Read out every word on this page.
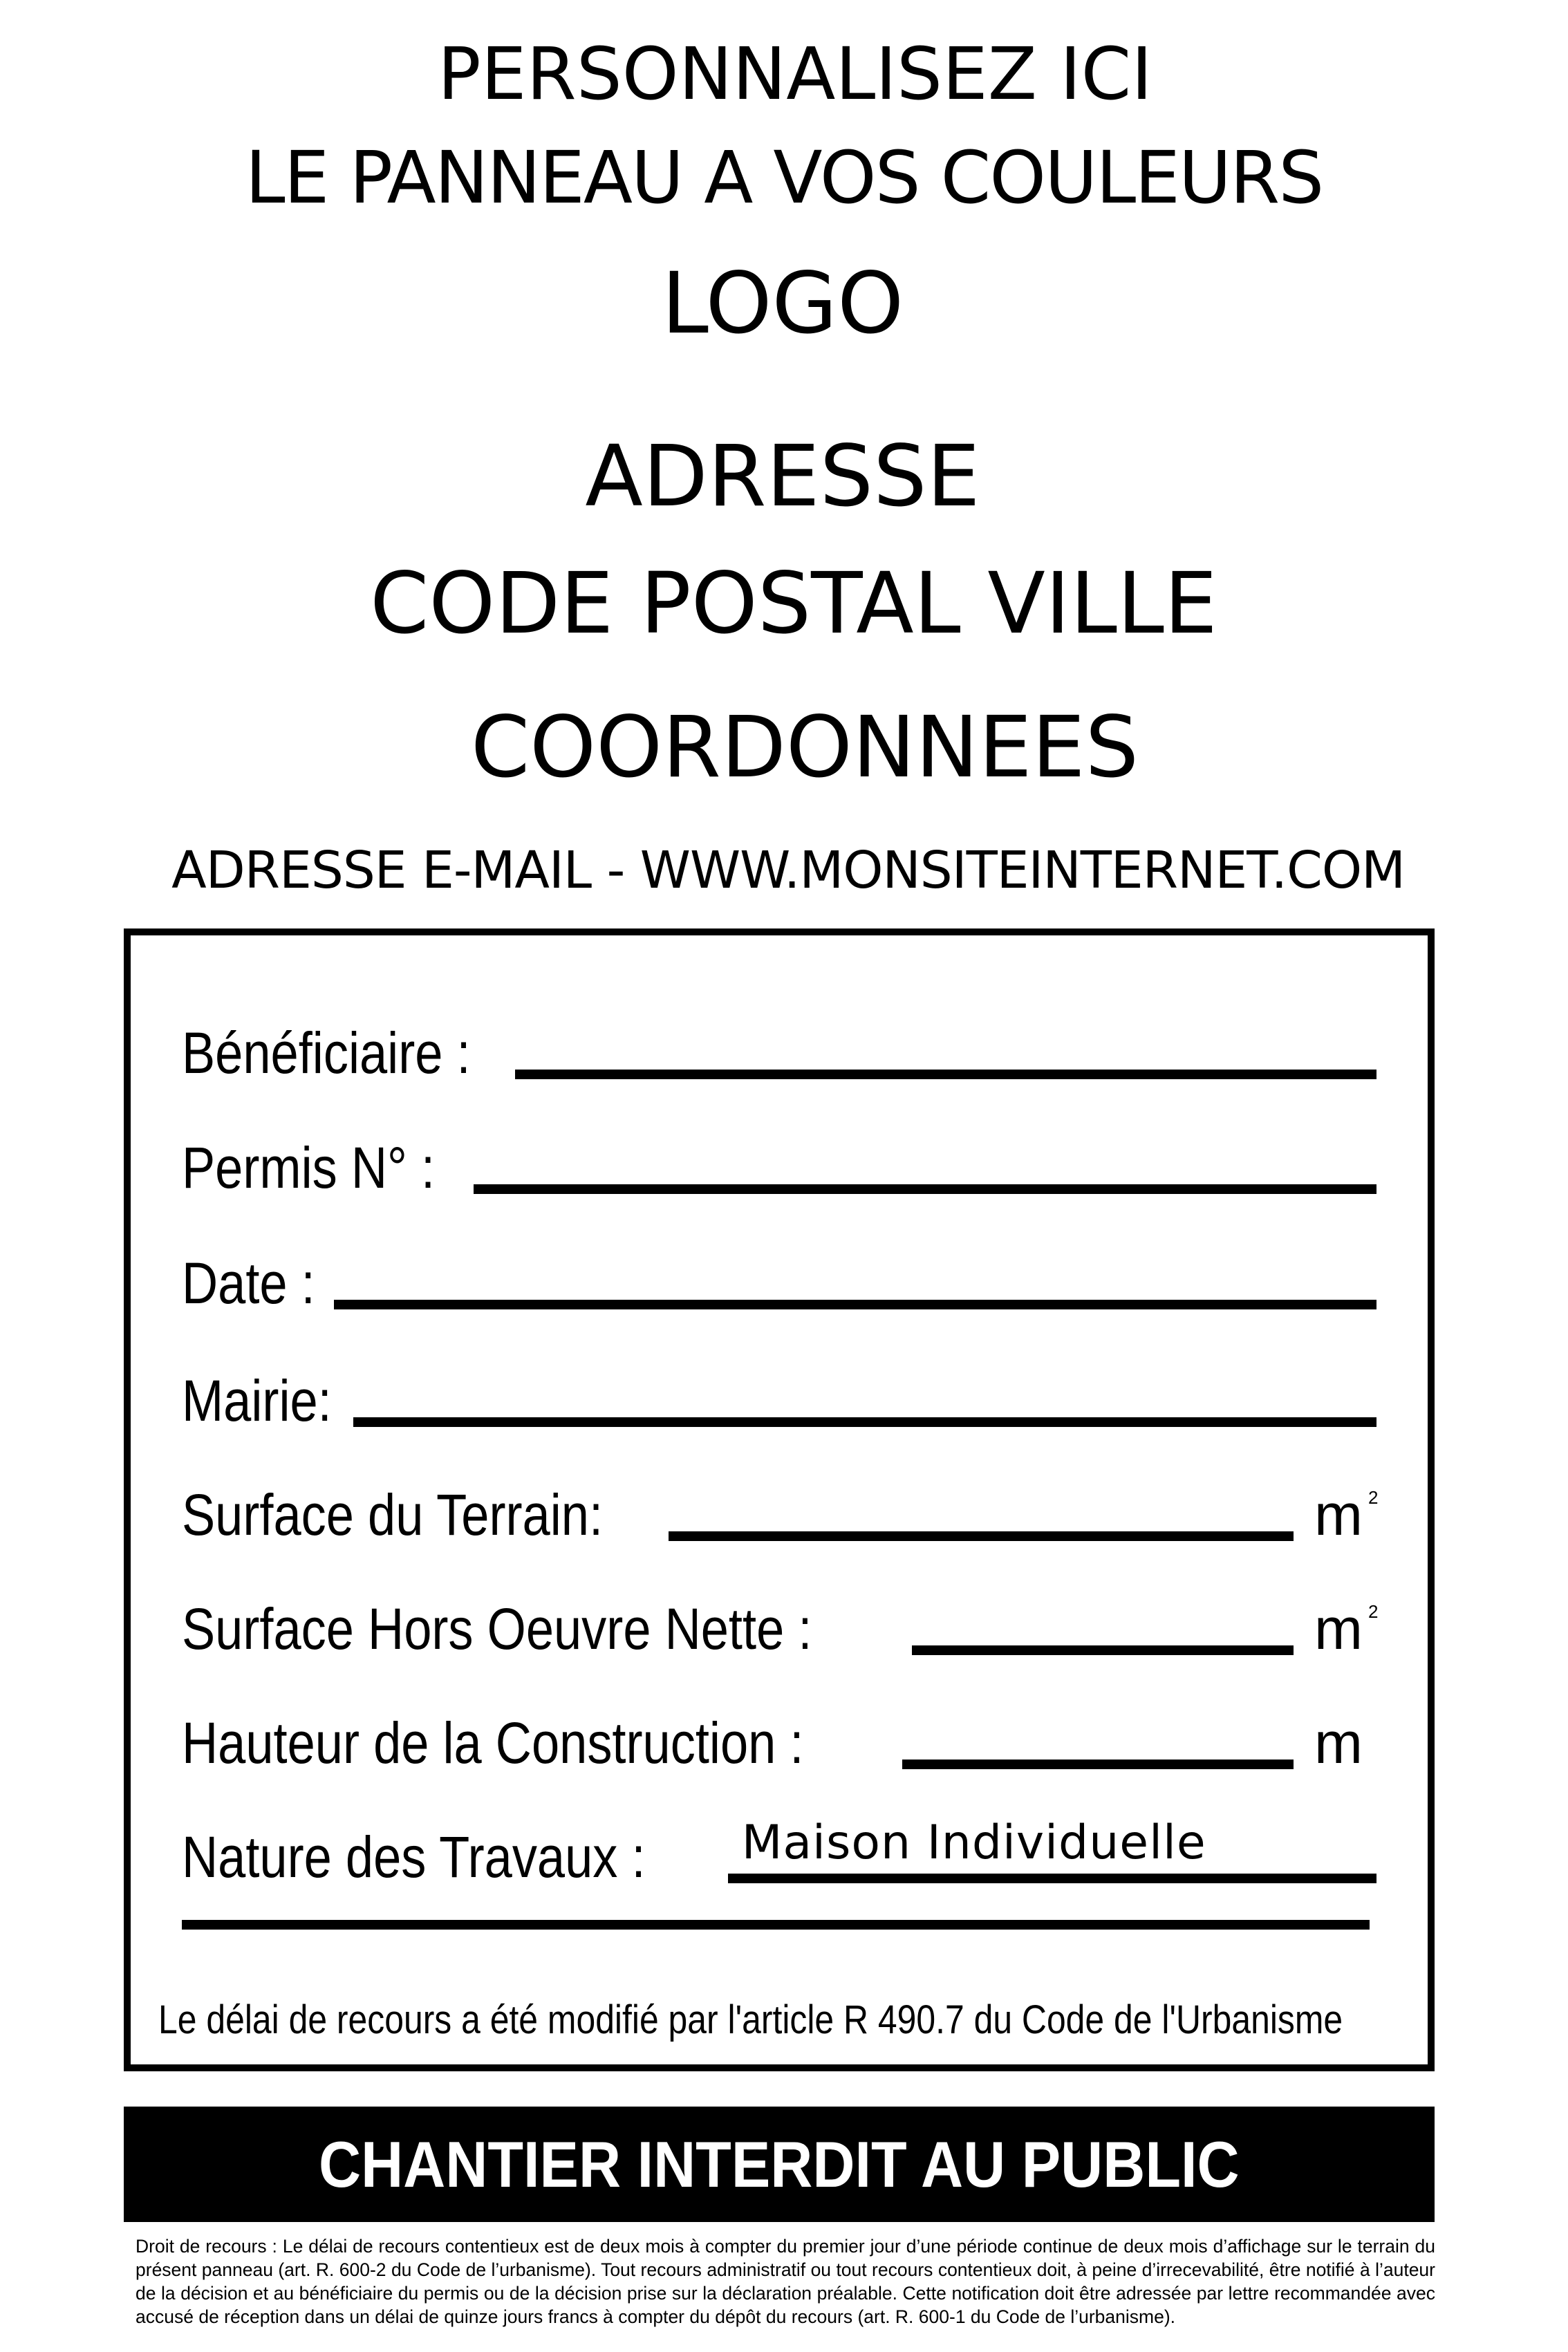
PERSONNALISEZ ICI
LE PANNEAU A VOS COULEURS
LOGO
ADRESSE
CODE POSTAL VILLE
COORDONNEES
ADRESSE E-MAIL - WWW.MONSITEINTERNET.COM
Bénéficiaire :
Permis N° :
Date :
Mairie:
Surface du Terrain:	m 2
Surface Hors Oeuvre Nette :	m 2
Hauteur de la Construction :	m
Nature des Travaux : Maison Individuelle
Le délai de recours a été modifié par l'article R 490.7 du Code de l'Urbanisme
CHANTIER INTERDIT AU PUBLIC
Droit de recours : Le délai de recours contentieux est de deux mois à compter du premier jour d’une période continue de deux mois d’affichage sur le terrain du présent panneau (art. R. 600-2 du Code de l’urbanisme). Tout recours administratif ou tout recours contentieux doit, à peine d’irrecevabilité, être notifié à l’auteur de la décision et au bénéficiaire du permis ou de la décision prise sur la déclaration préalable. Cette notification doit être adressée par lettre recommandée avec accusé de réception dans un délai de quinze jours francs à compter du dépôt du recours (art. R. 600-1 du Code de l’urbanisme).
